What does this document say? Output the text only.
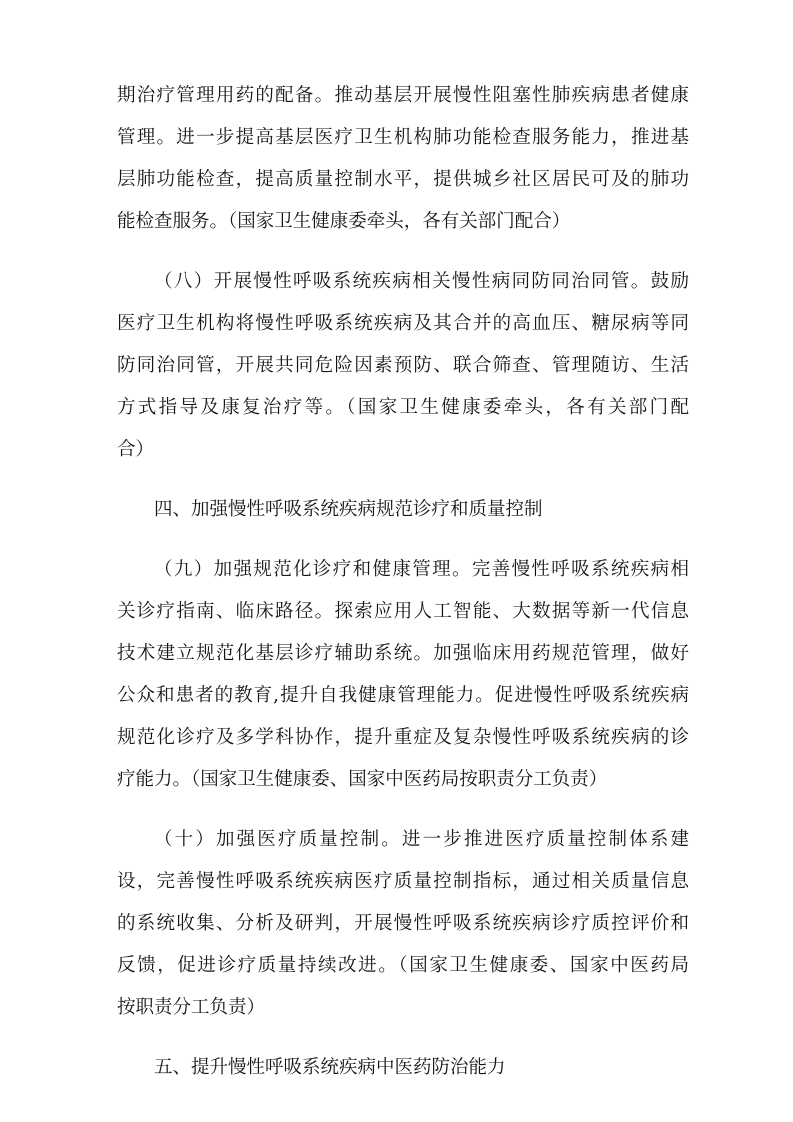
期治疗管理用药的配备。推动基层开展慢性阻塞性肺疾病患者健康
管理。进一步提高基层医疗卫生机构肺功能检查服务能力，推进基
层肺功能检查，提高质量控制水平，提供城乡社区居民可及的肺功
能检查服务。（国家卫生健康委牵头，各有关部门配合）
（八）开展慢性呼吸系统疾病相关慢性病同防同治同管。鼓励
医疗卫生机构将慢性呼吸系统疾病及其合并的高血压、糖尿病等同
防同治同管，开展共同危险因素预防、联合筛查、管理随访、生活
方式指导及康复治疗等。（国家卫生健康委牵头，各有关部门配
合）
四、加强慢性呼吸系统疾病规范诊疗和质量控制
（九）加强规范化诊疗和健康管理。完善慢性呼吸系统疾病相
关诊疗指南、临床路径。探索应用人工智能、大数据等新一代信息
技术建立规范化基层诊疗辅助系统。加强临床用药规范管理，做好
公众和患者的教育,提升自我健康管理能力。促进慢性呼吸系统疾病
规范化诊疗及多学科协作，提升重症及复杂慢性呼吸系统疾病的诊
疗能力。（国家卫生健康委、国家中医药局按职责分工负责）
（十）加强医疗质量控制。进一步推进医疗质量控制体系建
设，完善慢性呼吸系统疾病医疗质量控制指标，通过相关质量信息
的系统收集、分析及研判，开展慢性呼吸系统疾病诊疗质控评价和
反馈，促进诊疗质量持续改进。（国家卫生健康委、国家中医药局
按职责分工负责）
五、提升慢性呼吸系统疾病中医药防治能力
